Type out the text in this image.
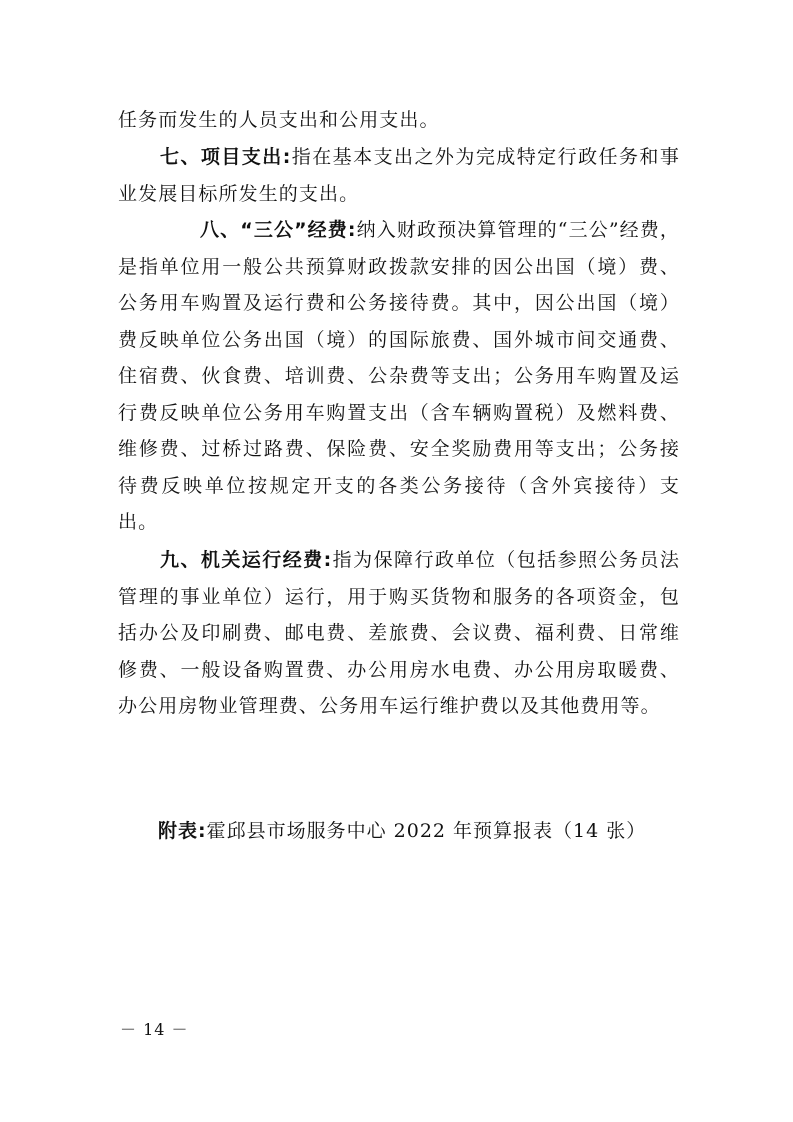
任务而发生的人员支出和公用支出。
七、项目支出:指在基本支出之外为完成特定行政任务和事业发展目标所发生的支出。
八、“三公”经费:纳入财政预决算管理的“三公”经费，是指单位用一般公共预算财政拨款安排的因公出国（境）费、公务用车购置及运行费和公务接待费。其中，因公出国（境）费反映单位公务出国（境）的国际旅费、国外城市间交通费、住宿费、伙食费、培训费、公杂费等支出；公务用车购置及运行费反映单位公务用车购置支出（含车辆购置税）及燃料费、维修费、过桥过路费、保险费、安全奖励费用等支出；公务接待费反映单位按规定开支的各类公务接待（含外宾接待）支出。
九、机关运行经费:指为保障行政单位（包括参照公务员法管理的事业单位）运行，用于购买货物和服务的各项资金，包括办公及印刷费、邮电费、差旅费、会议费、福利费、日常维修费、一般设备购置费、办公用房水电费、办公用房取暖费、办公用房物业管理费、公务用车运行维护费以及其他费用等。
附表:霍邱县市场服务中心 2022 年预算报表（14 张）
－ 14 －
